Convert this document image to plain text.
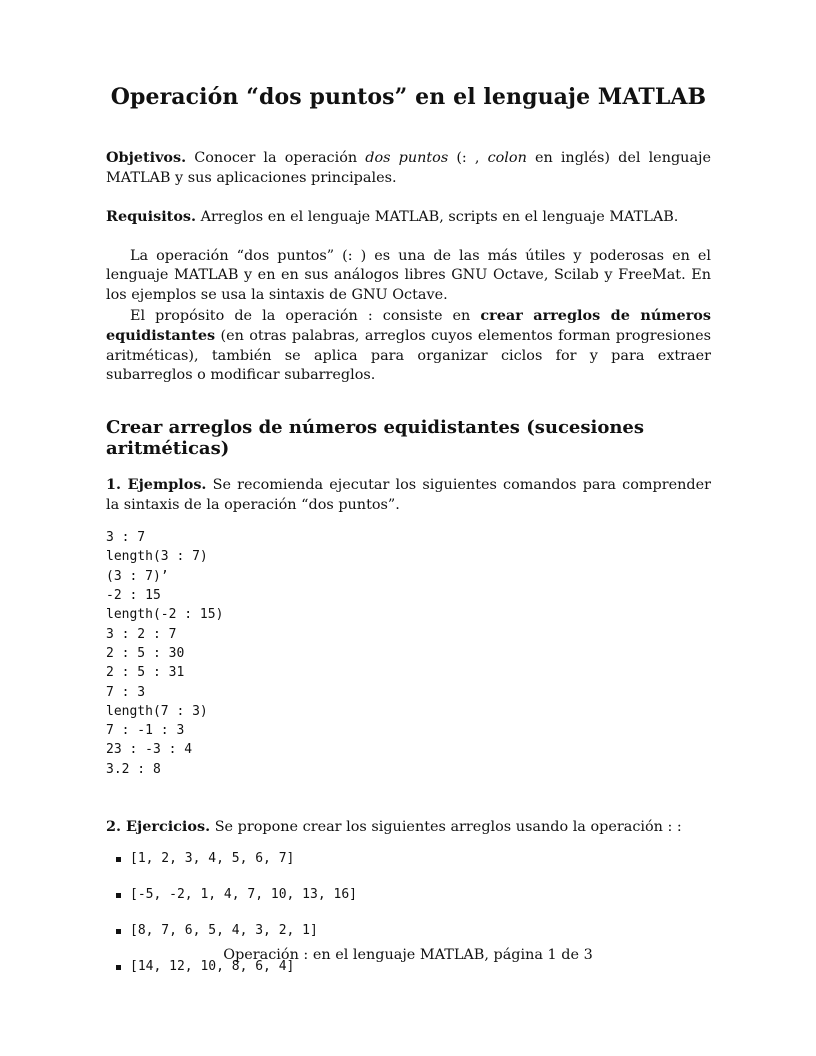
Operación “dos puntos” en el lenguaje MATLAB

Objetivos. Conocer la operación dos puntos (: , colon en inglés) del lenguaje MATLAB y sus aplicaciones principales.

Requisitos. Arreglos en el lenguaje MATLAB, scripts en el lenguaje MATLAB.

La operación “dos puntos” (: ) es una de las más útiles y poderosas en el lenguaje MATLAB y en en sus análogos libres GNU Octave, Scilab y FreeMat. En los ejemplos se usa la sintaxis de GNU Octave.

El propósito de la operación : consiste en crear arreglos de números equidistantes (en otras palabras, arreglos cuyos elementos forman progresiones aritméticas), también se aplica para organizar ciclos for y para extraer subarreglos o modificar subarreglos.

Crear arreglos de números equidistantes (sucesiones aritméticas)

1. Ejemplos. Se recomienda ejecutar los siguientes comandos para comprender la sintaxis de la operación “dos puntos”.

3 : 7
length(3 : 7)
(3 : 7)’
-2 : 15
length(-2 : 15)
3 : 2 : 7
2 : 5 : 30
2 : 5 : 31
7 : 3
length(7 : 3)
7 : -1 : 3
23 : -3 : 4
3.2 : 8

2. Ejercicios. Se propone crear los siguientes arreglos usando la operación : :

[1, 2, 3, 4, 5, 6, 7]
[-5, -2, 1, 4, 7, 10, 13, 16]
[8, 7, 6, 5, 4, 3, 2, 1]
[14, 12, 10, 8, 6, 4]
Operación : en el lenguaje MATLAB, página 1 de 3
